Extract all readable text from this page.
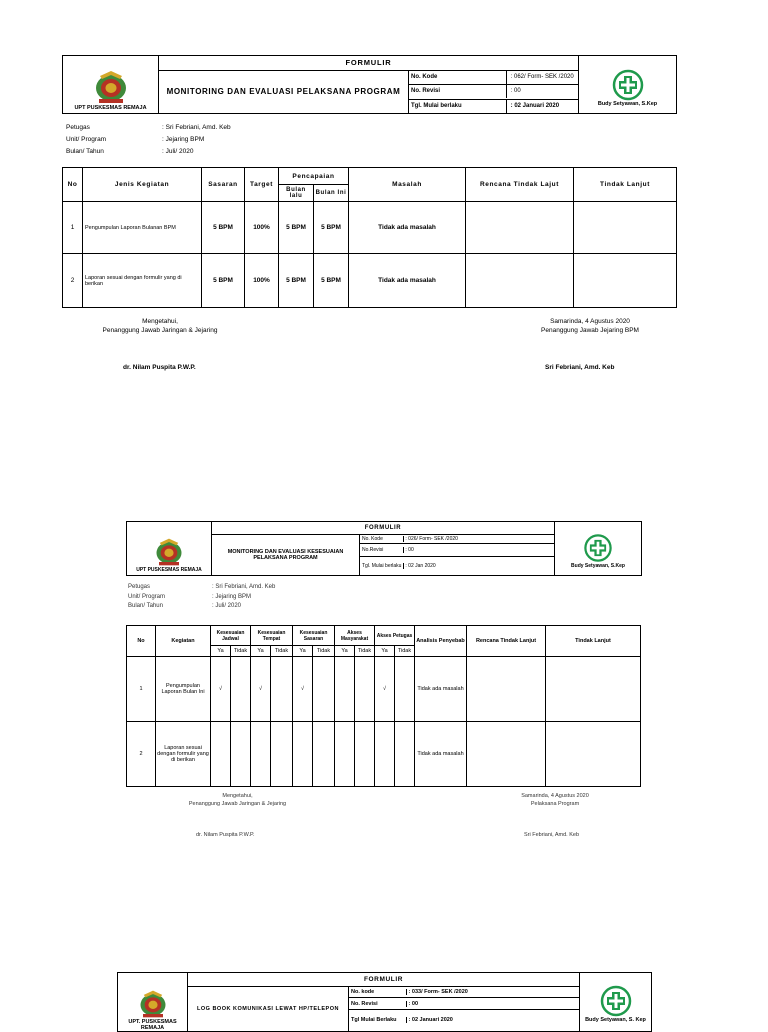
UPT PUSKESMAS REMAJA	FORMULIR		Budy Setyawan, S.Kep
	MONITORING DAN EVALUASI PELAKSANA PROGRAM	No. Kode : 062/ Form- SEK /2020	
		No. Revisi : 00	
		Tgl. Mulai berlaku : 02 Januari 2020	
Petugas	: Sri Febriani, Amd. Keb
Unit/ Program	: Jejaring BPM
Bulan/ Tahun	: Juli/ 2020
No	Jenis Kegiatan	Sasaran	Target	Pencapaian		Masalah	Rencana Tindak Lajut	Tindak Lanjut
				Bulan lalu	Bulan Ini			
1	Pengumpulan Laporan Bulanan BPM	5 BPM	100%	5 BPM	5 BPM	Tidak ada masalah		
2	Laporan sesuai dengan formulir yang di berikan	5 BPM	100%	5 BPM	5 BPM	Tidak ada masalah		
Mengetahui,
Penanggung Jawab Jaringan & Jejaring
dr. Nilam Puspita P.W.P.
Samarinda, 4 Agustus 2020
Penanggung Jawab Jejaring BPM
Sri Febriani, Amd. Keb
UPT PUSKESMAS REMAJA	FORMULIR		Budy Setyawan, S.Kep

	MONITORING DAN EVALUASI KESESUAIAN
PELAKSANA PROGRAM	No. Kode : 026/ Form- SEK /2020	
		No.Revisi : 00	
		Tgl. Mulai berlaku : 02 Jan 2020	
Petugas	: Sri Febriani, Amd. Keb
Unit/ Program	: Jejaring BPM
Bulan/ Tahun	: Juli/ 2020
No	Kegiatan	Kesesuaian Jadwal		Kesesuaian Tempat		Kesesuaian Sasaran		Akses Masyarakat		Akses Petugas		Analisis Penyebab	Rencana Tindak Lanjut	Tindak Lanjut
		Ya	Tidak	Ya	Tidak	Ya	Tidak	Ya	Tidak	Ya	Tidak			
1	Pengumpulan Laporan Bulan Ini	√		√		√				√		Tidak ada masalah		
2	Laporan sesuai dengan formulir yang di berikan											Tidak ada masalah		
Mengetahui,
Penanggung Jawab Jaringan & Jejaring
dr. Nilam Puspita P.W.P.
Samarinda, 4 Agustus 2020
Pelaksana Program
Sri Febriani, Amd. Keb
UPT. PUSKESMAS
REMAJA	FORMULIR		Budy Setyawan, S. Kep
	LOG BOOK KOMUNIKASI LEWAT HP/TELEPON	No. kode : 033/ Form- SEK /2020	
		No. Revisi : 00	
		Tgl Mulai Berlaku : 02 Januari 2020	
